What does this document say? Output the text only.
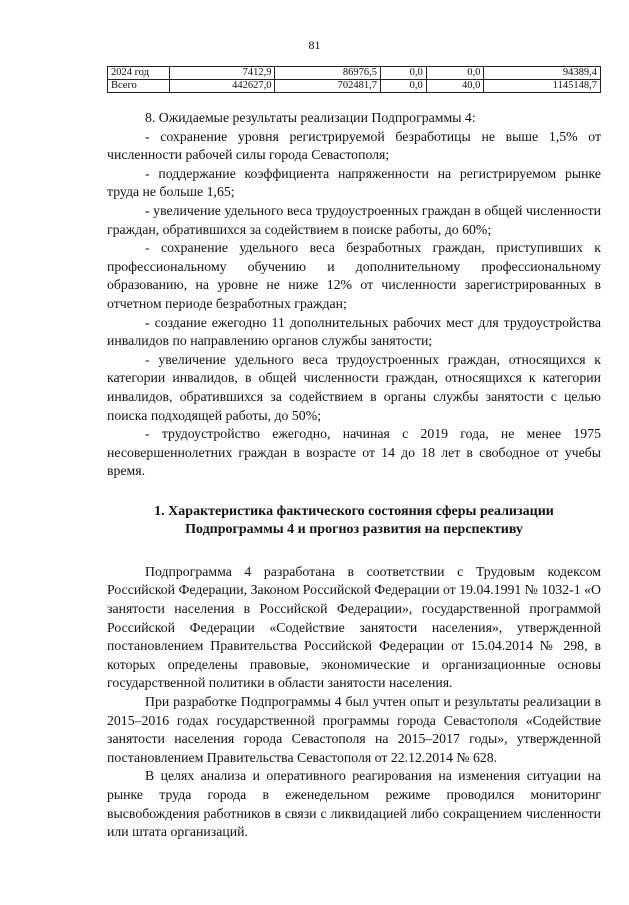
81
2024 год	7412,9	86976,5	0,0	0,0	94389,4
Всего	442627,0	702481,7	0,0	40,0	1145148,7

8. Ожидаемые результаты реализации Подпрограммы 4:

- сохранение уровня регистрируемой безработицы не выше 1,5% от численности рабочей силы города Севастополя;

- поддержание коэффициента напряженности на регистрируемом рынке труда не больше 1,65;

- увеличение удельного веса трудоустроенных граждан в общей численности граждан, обратившихся за содействием в поиске работы, до 60%;

- сохранение удельного веса безработных граждан, приступивших к профессиональному обучению и дополнительному профессиональному образованию, на уровне не ниже 12% от численности зарегистрированных в отчетном периоде безработных граждан;

- создание ежегодно 11 дополнительных рабочих мест для трудоустройства инвалидов по направлению органов службы занятости;

- увеличение удельного веса трудоустроенных граждан, относящихся к категории инвалидов, в общей численности граждан, относящихся к категории инвалидов, обратившихся за содействием в органы службы занятости с целью поиска подходящей работы, до 50%;

- трудоустройство ежегодно, начиная с 2019 года, не менее 1975 несовершеннолетних граждан в возрасте от 14 до 18 лет в свободное от учебы время.

1. Характеристика фактического состояния сферы реализации
Подпрограммы 4 и прогноз развития на перспективу

Подпрограмма 4 разработана в соответствии с Трудовым кодексом Российской Федерации, Законом Российской Федерации от 19.04.1991 № 1032-1 «О занятости населения в Российской Федерации», государственной программой Российской Федерации «Содействие занятости населения», утвержденной постановлением Правительства Российской Федерации от 15.04.2014 № 298, в которых определены правовые, экономические и организационные основы государственной политики в области занятости населения.

При разработке Подпрограммы 4 был учтен опыт и результаты реализации в 2015–2016 годах государственной программы города Севастополя «Содействие занятости населения города Севастополя на 2015–2017 годы», утвержденной постановлением Правительства Севастополя от 22.12.2014 № 628.

В целях анализа и оперативного реагирования на изменения ситуации на рынке труда города в еженедельном режиме проводился мониторинг высвобождения работников в связи с ликвидацией либо сокращением численности или штата организаций.
